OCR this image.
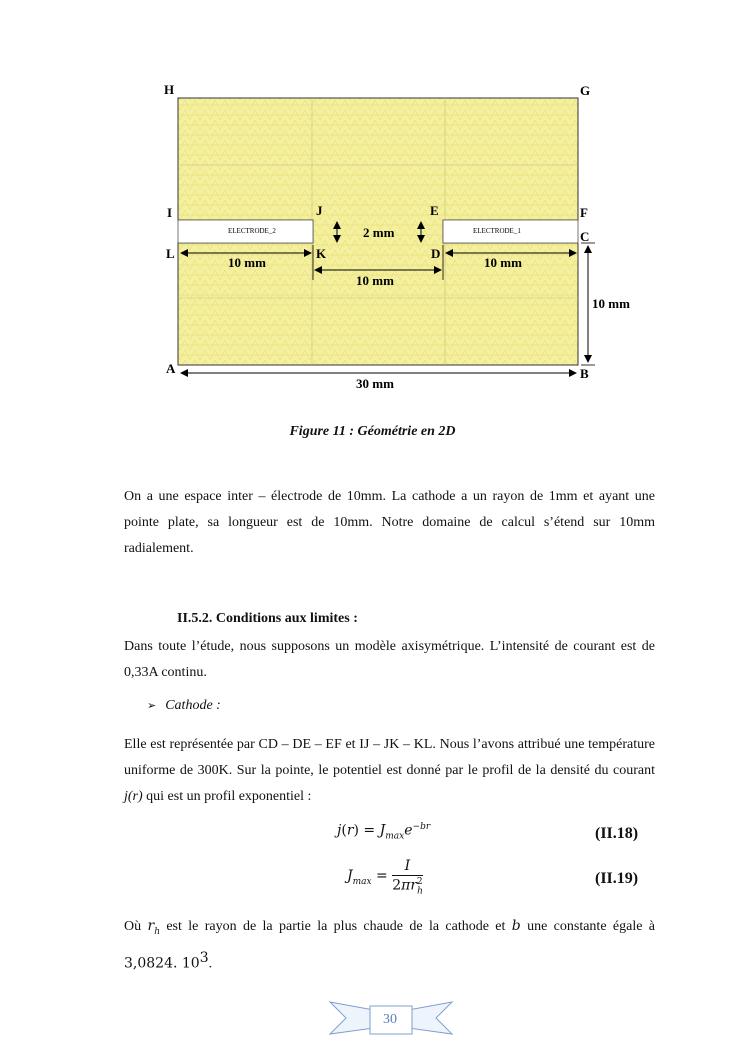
ELECTRODE_2	ELECTRODE_1
H	G
I	F
J	E
L
C
K	D
A	B
2 mm
10 mm	10 mm
10 mm
10 mm
30 mm
Figure 11 : Géométrie en 2D
On a une espace inter – électrode de 10mm. La cathode a un rayon de 1mm et ayant une pointe plate, sa longueur est de 10mm. Notre domaine de calcul s’étend sur 10mm radialement.
II.5.2. Conditions aux limites :
Dans toute l’étude, nous supposons un modèle axisymétrique. L’intensité de courant est de 0,33A continu.
➢ Cathode :
Elle est représentée par CD – DE – EF et IJ – JK – KL. Nous l’avons attribué une température uniforme de 300K. Sur la pointe, le potentiel est donné par le profil de la densité du courant j(r) qui est un profil exponentiel :
$j(r) = J_{max}e^{-br}$	(II.18)
$J_{max} = \frac{I}{2\pi r_h^2}$	(II.19)
Où $r_h$ est le rayon de la partie la plus chaude de la cathode et b une constante égale à 3,0824. $10^3$.
30
